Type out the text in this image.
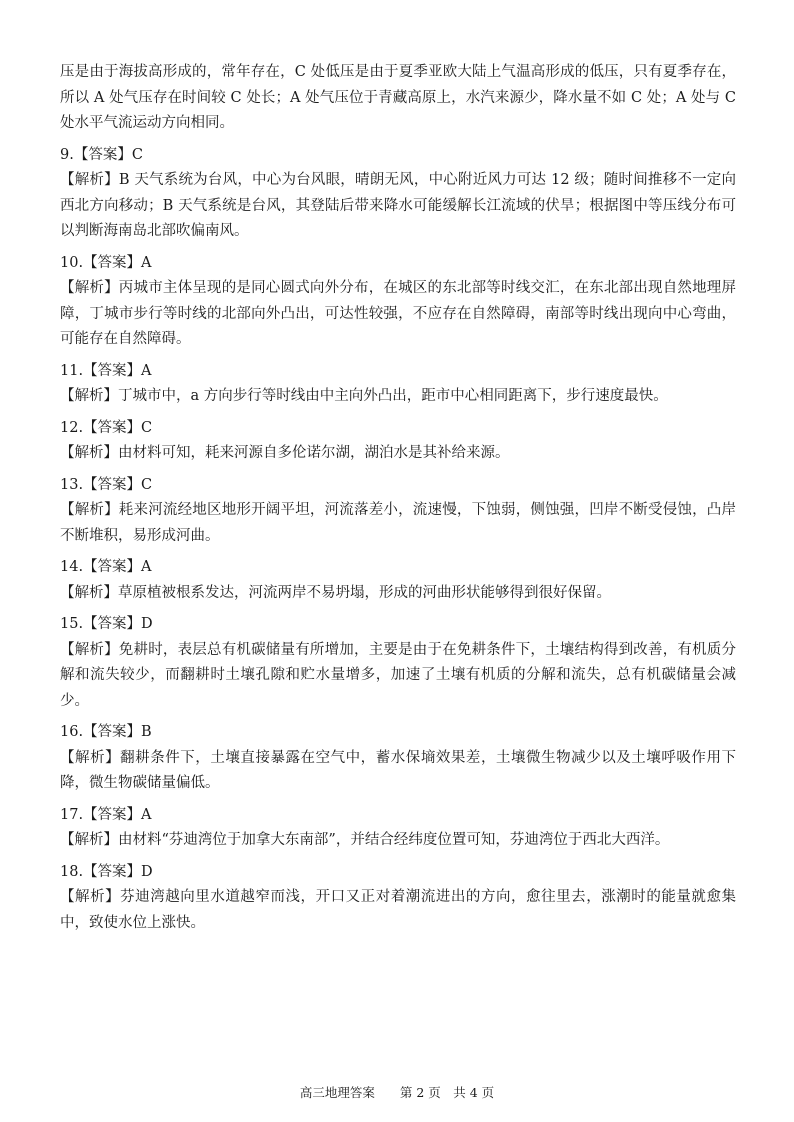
压是由于海拔高形成的，常年存在，C 处低压是由于夏季亚欧大陆上气温高形成的低压，只有夏季存在，所以 A 处气压存在时间较 C 处长；A 处气压位于青藏高原上，水汽来源少，降水量不如 C 处；A 处与 C 处水平气流运动方向相同。

9.【答案】C

【解析】B 天气系统为台风，中心为台风眼，晴朗无风，中心附近风力可达 12 级；随时间推移不一定向西北方向移动；B 天气系统是台风，其登陆后带来降水可能缓解长江流域的伏旱；根据图中等压线分布可以判断海南岛北部吹偏南风。

10.【答案】A

【解析】丙城市主体呈现的是同心圆式向外分布，在城区的东北部等时线交汇，在东北部出现自然地理屏障，丁城市步行等时线的北部向外凸出，可达性较强，不应存在自然障碍，南部等时线出现向中心弯曲，可能存在自然障碍。

11.【答案】A

【解析】丁城市中，a 方向步行等时线由中主向外凸出，距市中心相同距离下，步行速度最快。

12.【答案】C

【解析】由材料可知，耗来河源自多伦诺尔湖，湖泊水是其补给来源。

13.【答案】C

【解析】耗来河流经地区地形开阔平坦，河流落差小，流速慢，下蚀弱，侧蚀强，凹岸不断受侵蚀，凸岸不断堆积，易形成河曲。

14.【答案】A

【解析】草原植被根系发达，河流两岸不易坍塌，形成的河曲形状能够得到很好保留。

15.【答案】D

【解析】免耕时，表层总有机碳储量有所增加，主要是由于在免耕条件下，土壤结构得到改善，有机质分解和流失较少，而翻耕时土壤孔隙和贮水量增多，加速了土壤有机质的分解和流失，总有机碳储量会减少。

16.【答案】B

【解析】翻耕条件下，土壤直接暴露在空气中，蓄水保墒效果差，土壤微生物减少以及土壤呼吸作用下降，微生物碳储量偏低。

17.【答案】A

【解析】由材料“芬迪湾位于加拿大东南部”，并结合经纬度位置可知，芬迪湾位于西北大西洋。

18.【答案】D

【解析】芬迪湾越向里水道越窄而浅，开口又正对着潮流进出的方向，愈往里去，涨潮时的能量就愈集中，致使水位上涨快。

高三地理答案　　第 2 页　共 4 页
